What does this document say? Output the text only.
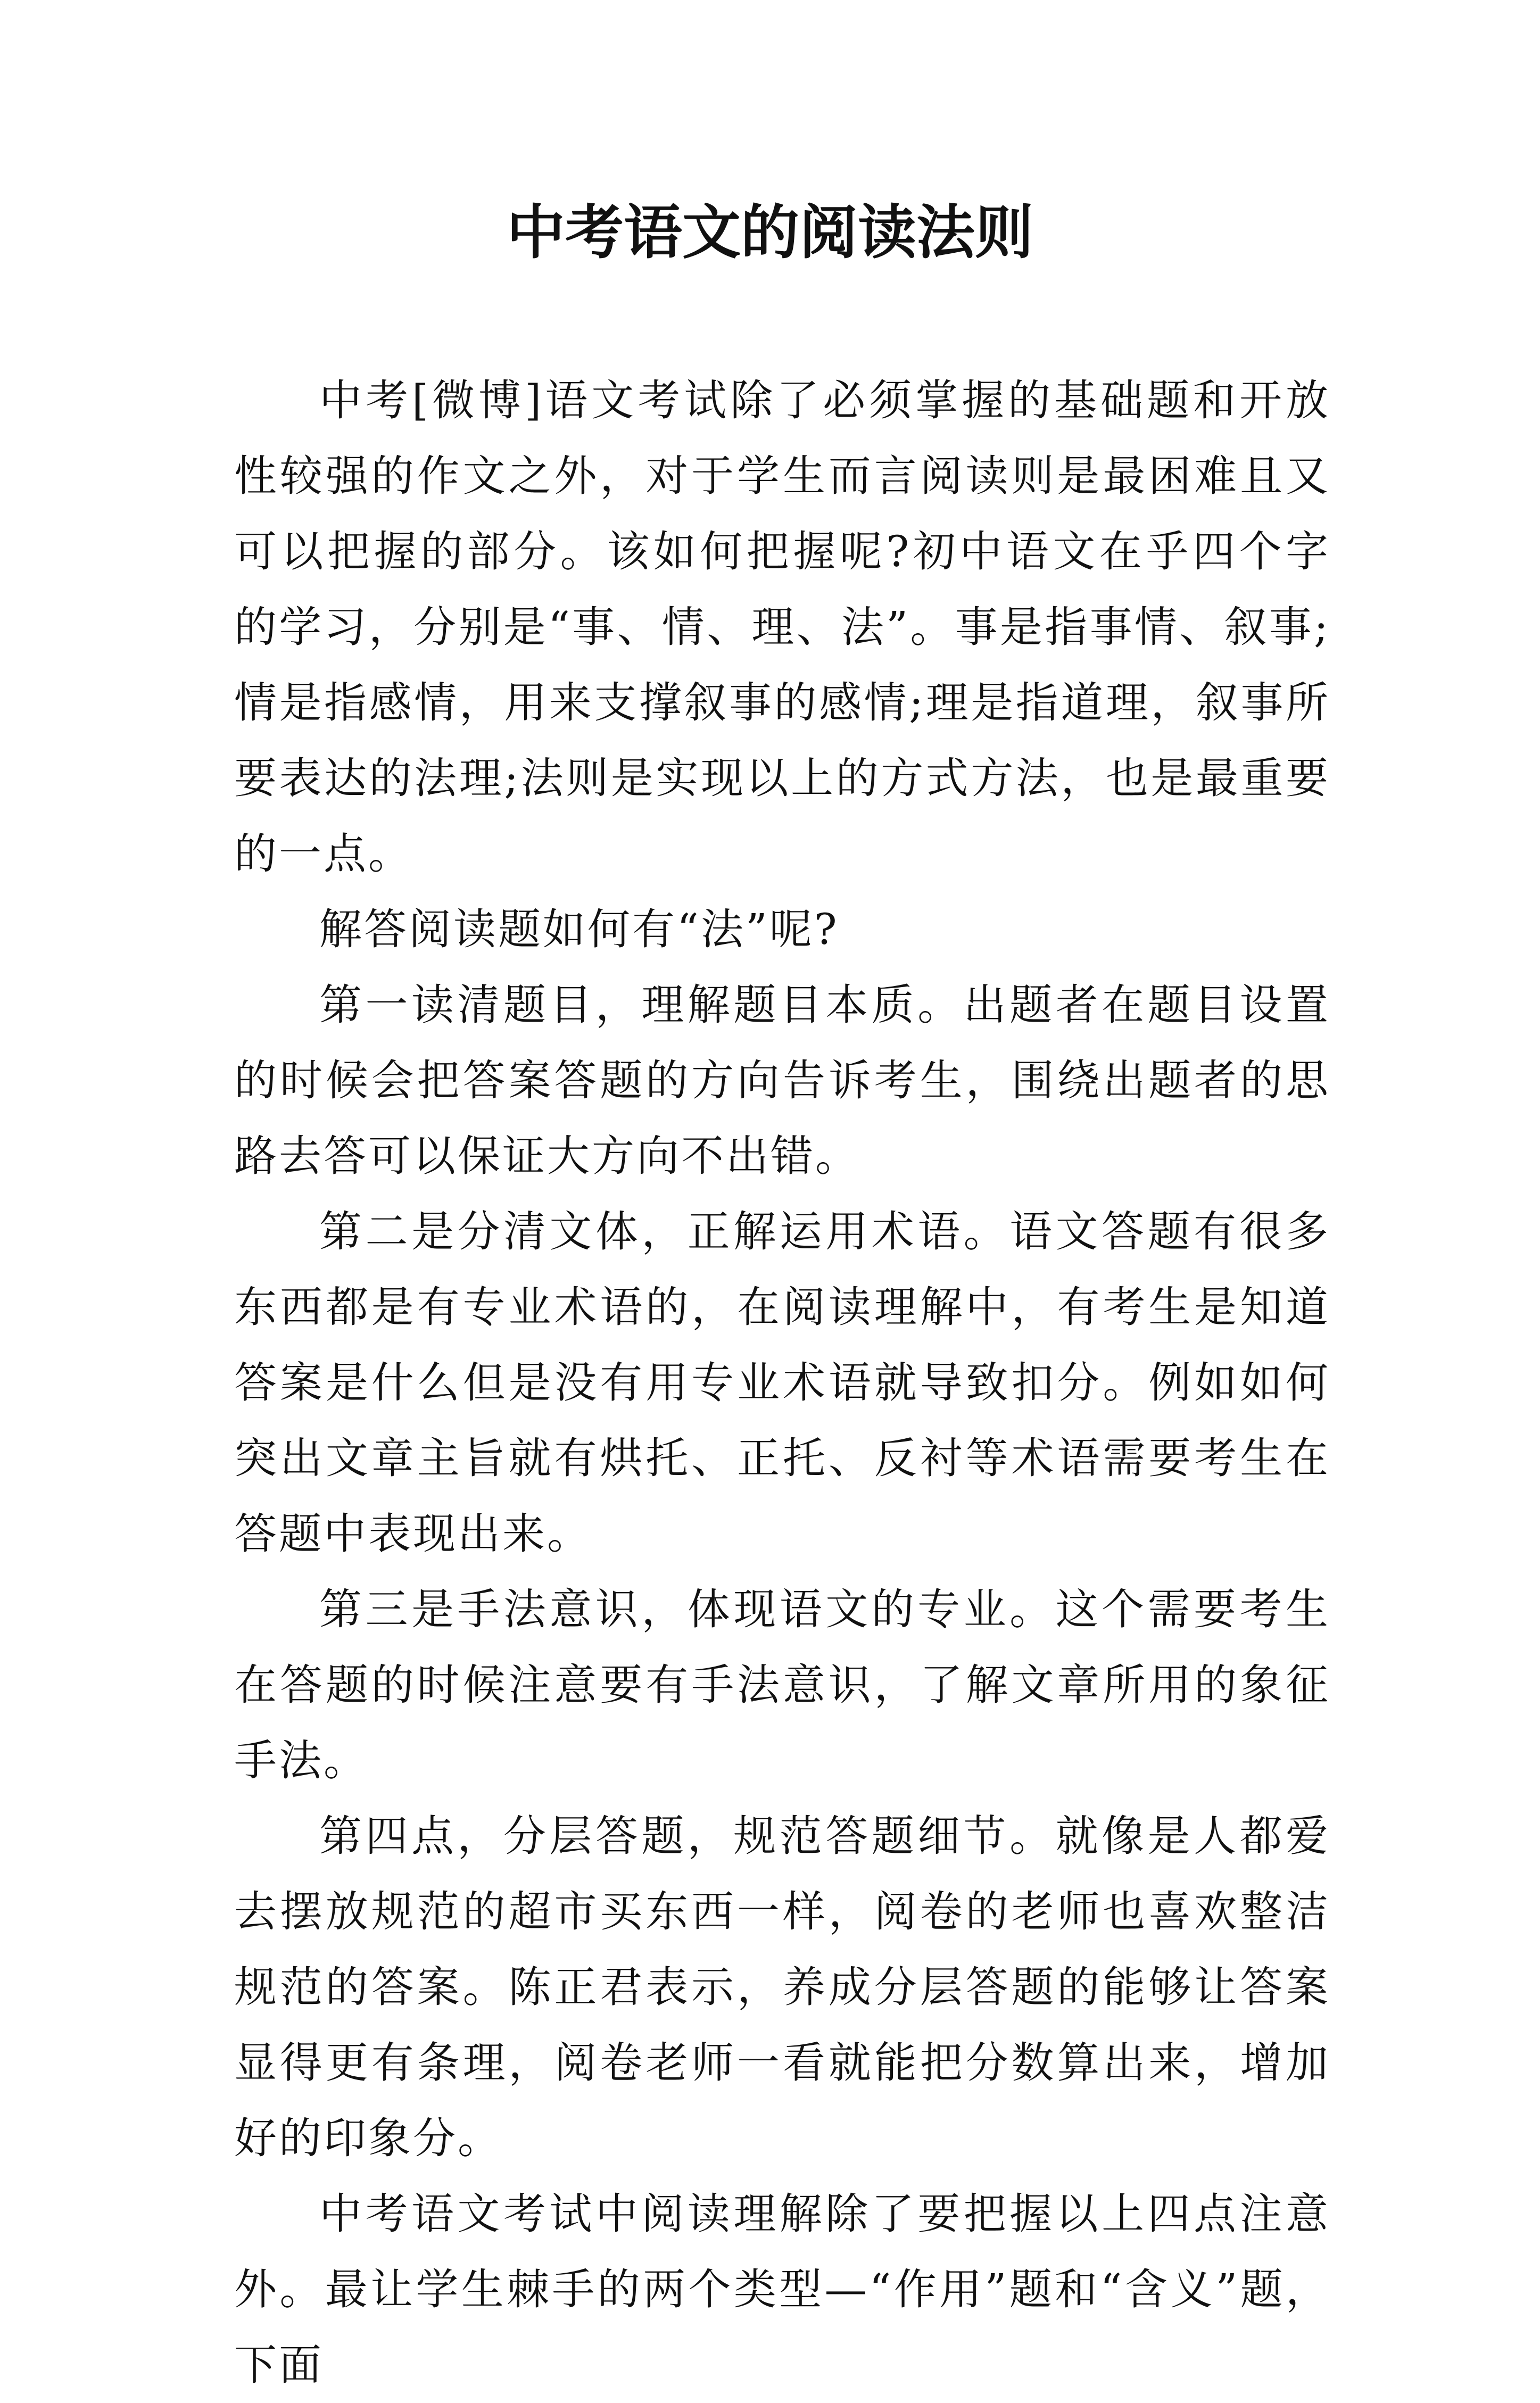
中考语文的阅读法则

中考[微博]语文考试除了必须掌握的基础题和开放性较强的作文之外，对于学生而言阅读则是最困难且又可以把握的部分。该如何把握呢?初中语文在乎四个字的学习，分别是“事、情、理、法”。事是指事情、叙事;情是指感情，用来支撑叙事的感情;理是指道理，叙事所要表达的法理;法则是实现以上的方式方法，也是最重要的一点。

解答阅读题如何有“法”呢?

第一读清题目，理解题目本质。出题者在题目设置的时候会把答案答题的方向告诉考生，围绕出题者的思路去答可以保证大方向不出错。

第二是分清文体，正解运用术语。语文答题有很多东西都是有专业术语的，在阅读理解中，有考生是知道答案是什么但是没有用专业术语就导致扣分。例如如何突出文章主旨就有烘托、正托、反衬等术语需要考生在答题中表现出来。

第三是手法意识，体现语文的专业。这个需要考生在答题的时候注意要有手法意识，了解文章所用的象征手法。

第四点，分层答题，规范答题细节。就像是人都爱去摆放规范的超市买东西一样，阅卷的老师也喜欢整洁规范的答案。陈正君表示，养成分层答题的能够让答案显得更有条理，阅卷老师一看就能把分数算出来，增加好的印象分。

中考语文考试中阅读理解除了要把握以上四点注意外。最让学生棘手的两个类型—“作用”题和“含义”题，下面
